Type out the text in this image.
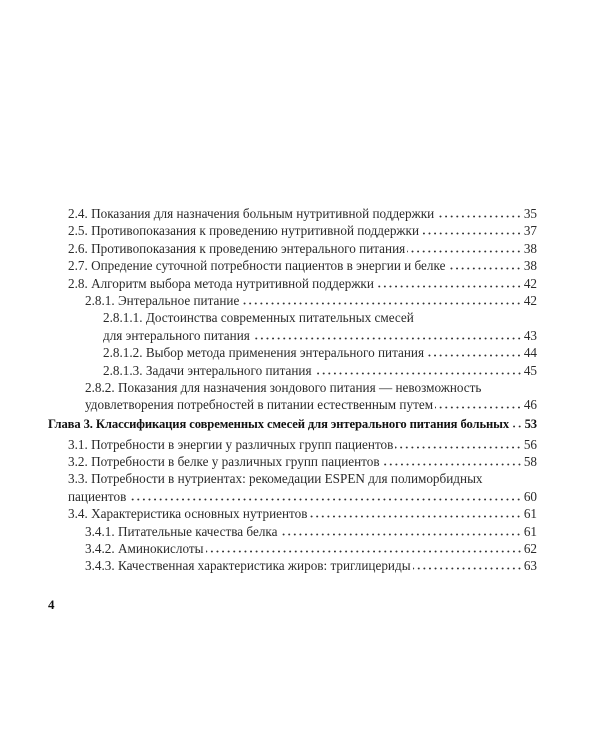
2.4. Показания для назначения больным нутритивной поддержки	35
2.5. Противопоказания к проведению нутритивной поддержки	37
2.6. Противопоказания к проведению энтерального питания	38
2.7. Опредение суточной потребности пациентов в энергии и белке	38
2.8. Алгоритм выбора метода нутритивной поддержки	42
2.8.1. Энтеральное питание	42
2.8.1.1. Достоинства современных питательных смесей
для энтерального питания	43
2.8.1.2. Выбор метода применения энтерального питания	44
2.8.1.3. Задачи энтерального питания	45
2.8.2. Показания для назначения зондового питания — невозможность
удовлетворения потребностей в питании естественным путем	46
Глава 3. Классификация современных смесей для энтерального питания больных 53
3.1. Потребности в энергии у различных групп пациентов	56
3.2. Потребности в белке у различных групп пациентов	58
3.3. Потребности в нутриентах: рекомедации ESPEN для полиморбидных
пациентов	60
3.4. Характеристика основных нутриентов	61
3.4.1. Питательные качества белка	61
3.4.2. Аминокислоты	62
3.4.3. Качественная характеристика жиров: триглицериды	63
4
